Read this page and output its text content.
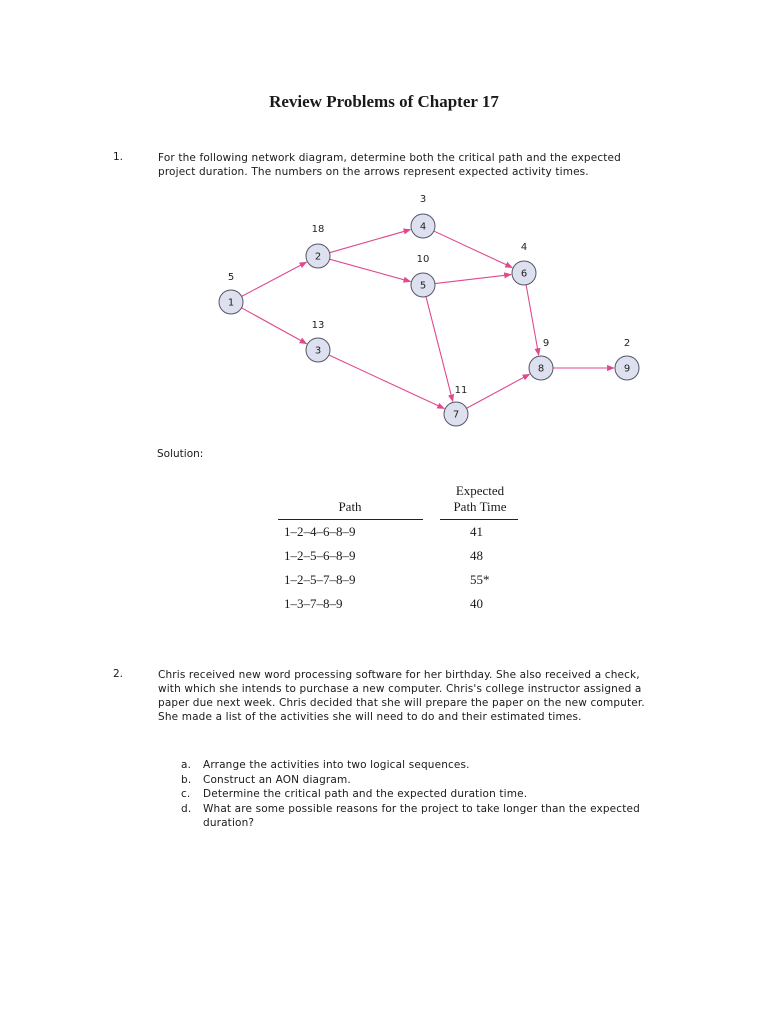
Review Problems of Chapter 17
1.	For the following network diagram, determine both the critical path and the expected project duration. The numbers on the arrows represent expected activity times.

1
5
2
18
3
13
4
3
5
10
6
4
7
11
8
9
9
2
Solution:
Path
Expected
Path Time
1–2–4–6–8–9	41
1–2–5–6–8–9	48
1–2–5–7–8–9	55*
1–3–7–8–9	40
2.	Chris received new word processing software for her birthday. She also received a check, with which she intends to purchase a new computer. Chris's college instructor assigned a paper due next week. Chris decided that she will prepare the paper on the new computer. She made a list of the activities she will need to do and their estimated times.

a. Arrange the activities into two logical sequences.
b. Construct an AON diagram.
c. Determine the critical path and the expected duration time.
d. What are some possible reasons for the project to take longer than the expected duration?
